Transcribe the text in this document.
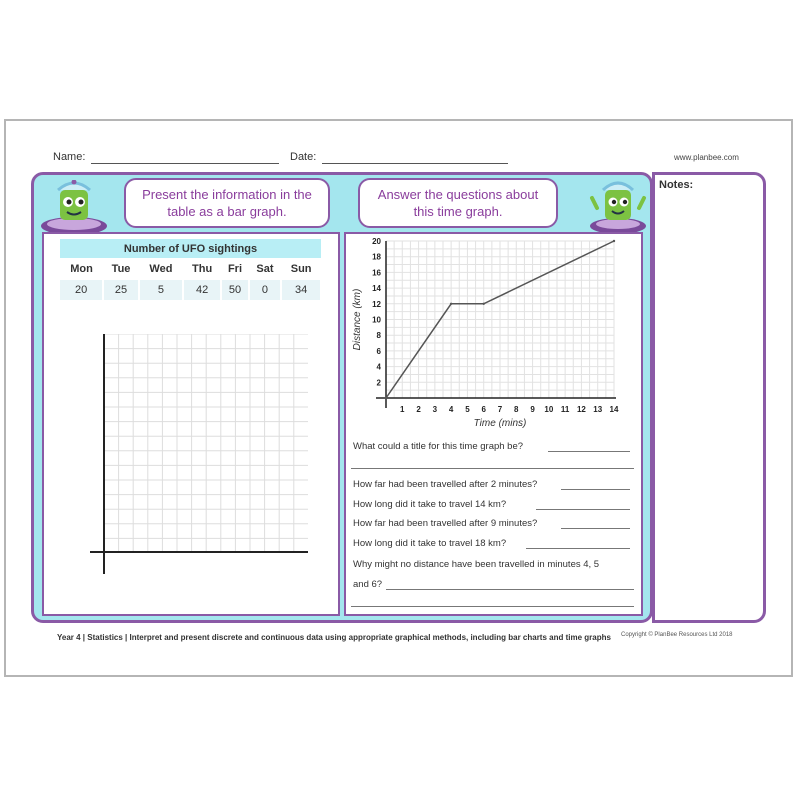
Name:	Date:	www.planbee.com
Notes:
Present the information in the
table as a bar graph.
Answer the questions about
this time graph.
Number of UFO sightings						
Mon	Tue	Wed	Thu	Fri	Sat	Sun
20	25	5	42	50	0	34
1 2 3 4 5 6 7 8 9 10 11 12 13 14
2
4
6
8
10
12
14
16
18
20
Time (mins)
Distance (km)
What could a title for this time graph be?
How far had been travelled after 2 minutes?
How long did it take to travel 14 km?
How far had been travelled after 9 minutes?
How long did it take to travel 18 km?
Why might no distance have been travelled in minutes 4, 5
and 6?
Year 4 | Statistics | Interpret and present discrete and continuous data using appropriate graphical methods, including bar charts and time graphs	Copyright © PlanBee Resources Ltd 2018
